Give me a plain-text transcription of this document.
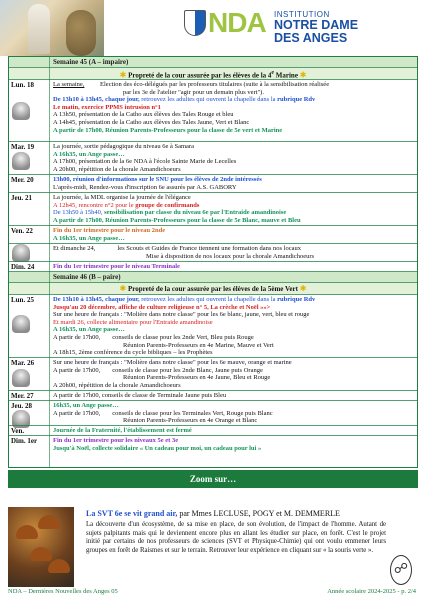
NDA INSTITUTION
NOTRE DAME
DES ANGES
Semaine 45 (A – impaire)
✱ Propreté de la cour assurée par les élèves de la 4e Marine ✱
Lun. 18	La semaine, Election des éco-délégués par les professeurs titulaires (suite à la sensibilisation réalisée
par les 3e de l'atelier "agir pour un demain plus vert").
De 13h10 à 13h45, chaque jour, retrouvez les adultes qui ouvrent la chapelle dans la rubrique Rdv
Le matin, exercice PPMS intrusion n°1
A 13h50, présentation de la Catho aux élèves des Tales Rouge et bleu
A 14h45, présentation de la Catho aux élèves des Tales Jaune, Vert et Blanc
A partir de 17h00, Réunion Parents-Professeurs pour la classe de 5e vert et Marine
Mar. 19	La journée, sortie pédagogique du niveau 6e à Samara
A 16h35, un Ange passe…
A 17h00, présentation de la 6e NDA à l'école Sainte Marie de Lecelles
A 20h00, répétition de la chorale Amandichoeurs
Mer. 20	13h00, réunion d'informations sur le SNU pour les élèves de 2nde intéressés
L'après-midi, Rendez-vous d'inscription 6e assurés par A.S. GABORY
Jeu. 21	La journée, la MDL organise la journée de l'élégance
A 12h45, rencontre n°2 pour le groupe de confirmands
De 13h50 à 15h40, sensibilisation par classe du niveau 6e par l'Entraide amandinoise
A partir de 17h00, Réunion Parents-Professeurs pour la classe de 5e Blanc, mauve et Bleu
Ven. 22	Fin du 1er trimestre pour le niveau 2nde
A 16h35, un Ange passe…
Et dimanche 24,	les Scouts et Guides de France tiennent une formation dans nos locaux
Mise à disposition de nos locaux pour la chorale Amandichoeurs
Dim. 24	Fin du 1er trimestre pour le niveau Terminale
Semaine 46 (B – paire)
✱ Propreté de la cour assurée par les élèves de la 5ème Vert ✱
Lun. 25	De 13h10 à 13h45, chaque jour, retrouvez les adultes qui ouvrent la chapelle dans la rubrique Rdv
Jusqu'au 20 décembre, affiche de culture religieuse n° 5, La crèche et Noël »»>
Sur une heure de français : "Molière dans notre classe" pour les 6e blanc, jaune, vert, bleu et rouge
Et mardi 26, collecte alimentaire pour l'Entraide amandinoise
A 16h35, un Ange passe…
A partir de 17h00, conseils de classe pour les 2nde Vert, Bleu puis Rouge
Réunion Parents-Professeurs en 4e Marine, Mauve et Vert
A 18h15, 2ème conférence du cycle bibliques – les Prophètes
Mar. 26	Sur une heure de français : "Molière dans notre classe" pour les 6e mauve, orange et marine
A partir de 17h00, conseils de classe pour les 2nde Blanc, Jaune puis Orange
Réunion Parents-Professeurs en 4e Jaune, Bleu et Rouge
A 20h00, répétition de la chorale Amandichoeurs
Mer. 27	A partir de 17h00, conseils de classe de Terminale Jaune puis Bleu
Jeu. 28	16h35, un Ange passe…
A partir de 17h00, conseils de classe pour les Terminales Vert, Rouge puis Blanc
Réunion Parents-Professeurs en 4e Orange et Blanc
Ven.	Journée de la Fraternité, l'établissement est fermé
Dim. 1er	Fin du 1er trimestre pour les niveaux 5e et 3e
Jusqu'à Noël, collecte solidaire « Un cadeau pour moi, un cadeau pour lui »
Zoom sur…
La SVT 6e se vit grand air, par Mmes LECLUSE, POGY et M. DEMMERLE
La découverte d'un écosystème, de sa mise en place, de son évolution, de l'impact de l'homme. Autant de sujets palpitants mais qui le deviennent encore plus en allant les étudier sur place, en forêt. C'est le projet initié par certains de nos professeurs de sciences (SVT et Physique-Chimie) qui ont voulu emmener leurs groupes en forêt de Raismes et sur le terrain. Retrouver leur expérience en cliquant sur « la souris verte ».
☍
NDA – Dernières Nouvelles des Anges 05	Année scolaire 2024-2025 - p. 2/4
